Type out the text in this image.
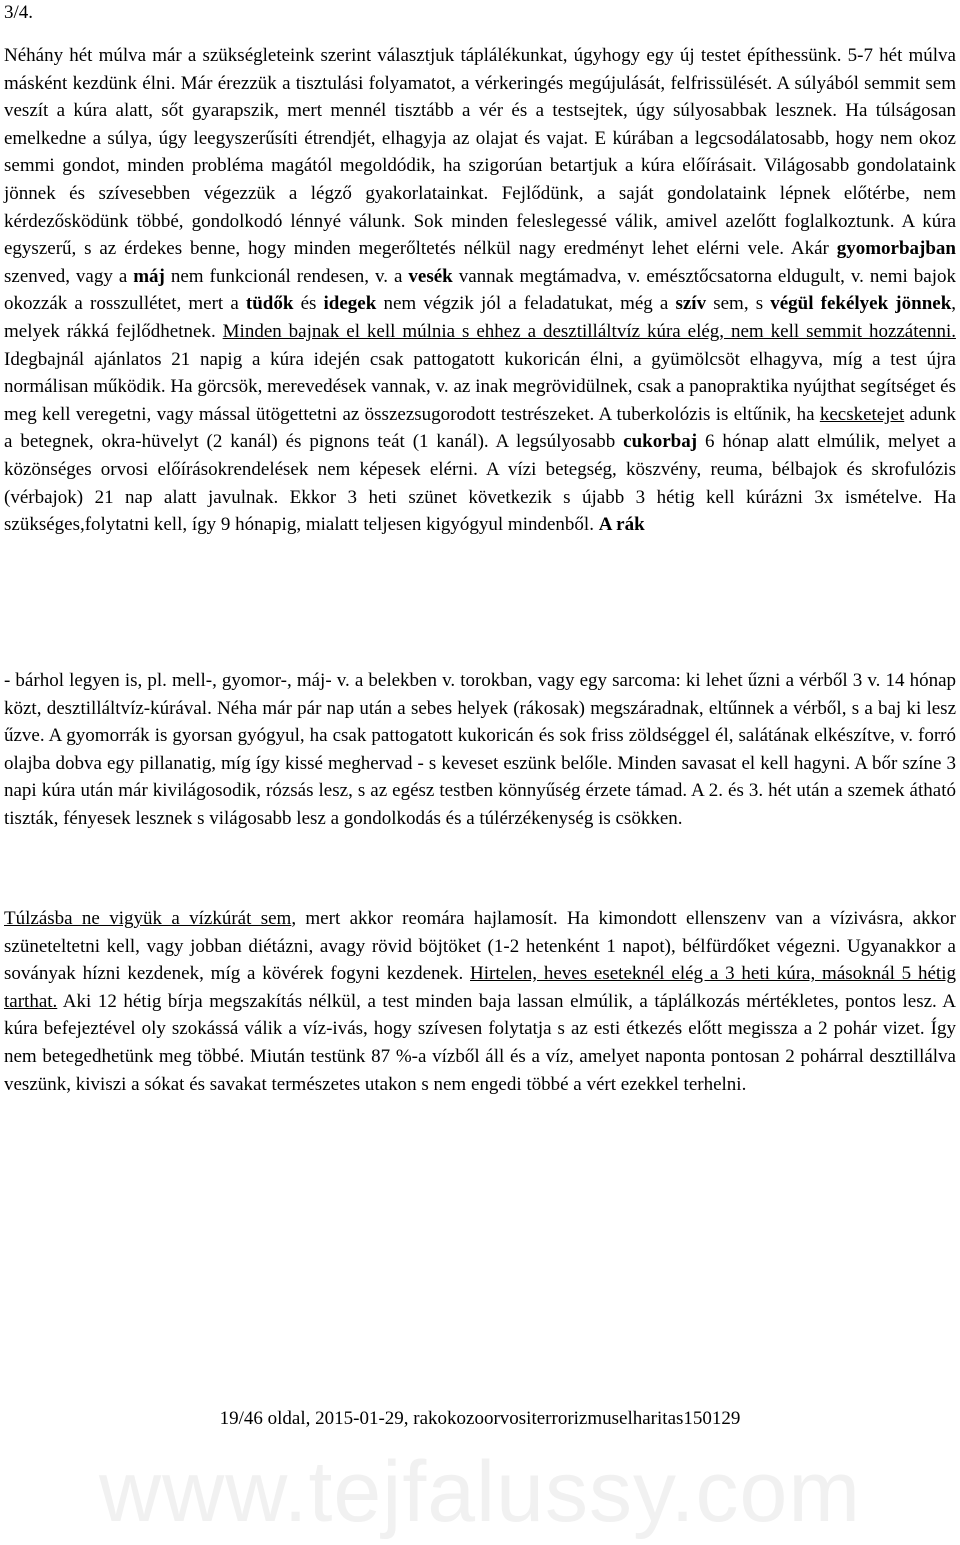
3/4.

Néhány hét múlva már a szükségleteink szerint választjuk táplálékunkat, úgyhogy egy új testet építhessünk. 5-7 hét múlva másként kezdünk élni. Már érezzük a tisztulási folyamatot, a vérkeringés megújulását, felfrissülését. A súlyából semmit sem veszít a kúra alatt, sőt gyarapszik, mert mennél tisztább a vér és a testsejtek, úgy súlyosabbak lesznek. Ha túlságosan emelkedne a súlya, úgy leegyszerűsíti étrendjét, elhagyja az olajat és vajat. E kúrában a legcsodálatosabb, hogy nem okoz semmi gondot, minden probléma magától megoldódik, ha szigorúan betartjuk a kúra előírásait. Világosabb gondolataink jönnek és szívesebben végezzük a légző gyakorlatainkat. Fejlődünk, a saját gondolataink lépnek előtérbe, nem kérdezősködünk többé, gondolkodó lénnyé válunk. Sok minden feleslegessé válik, amivel azelőtt foglalkoztunk. A kúra egyszerű, s az érdekes benne, hogy minden megerőltetés nélkül nagy eredményt lehet elérni vele. Akár gyomorbajban szenved, vagy a máj nem funkcionál rendesen, v. a vesék vannak megtámadva, v. emésztőcsatorna eldugult, v. nemi bajok okozzák a rosszullétet, mert a tüdők és idegek nem végzik jól a feladatukat, még a szív sem, s végül fekélyek jönnek, melyek rákká fejlődhetnek. Minden bajnak el kell múlnia s ehhez a desztilláltvíz kúra elég, nem kell semmit hozzátenni. Idegbajnál ajánlatos 21 napig a kúra idején csak pattogatott kukoricán élni, a gyümölcsöt elhagyva, míg a test újra normálisan működik. Ha görcsök, merevedések vannak, v. az inak megrövidülnek, csak a panopraktika nyújthat segítséget és meg kell veregetni, vagy mással ütögettetni az összezsugorodott testrészeket. A tuberkolózis is eltűnik, ha kecsketejet adunk a betegnek, okra-hüvelyt (2 kanál) és pignons teát (1 kanál). A legsúlyosabb cukorbaj 6 hónap alatt elmúlik, melyet a közönséges orvosi előírásokrendelések nem képesek elérni. A vízi betegség, köszvény, reuma, bélbajok és skrofulózis (vérbajok) 21 nap alatt javulnak. Ekkor 3 heti szünet következik s újabb 3 hétig kell kúrázni 3x ismételve. Ha szükséges,folytatni kell, így 9 hónapig, mialatt teljesen kigyógyul mindenből. A rák

- bárhol legyen is, pl. mell-, gyomor-, máj- v. a belekben v. torokban, vagy egy sarcoma: ki lehet űzni a vérből 3 v. 14 hónap közt, desztilláltvíz-kúrával. Néha már pár nap után a sebes helyek (rákosak) megszáradnak, eltűnnek a vérből, s a baj ki lesz űzve. A gyomorrák is gyorsan gyógyul, ha csak pattogatott kukoricán és sok friss zöldséggel él, salátának elkészítve, v. forró olajba dobva egy pillanatig, míg így kissé meghervad - s keveset eszünk belőle. Minden savasat el kell hagyni. A bőr színe 3 napi kúra után már kivilágosodik, rózsás lesz, s az egész testben könnyűség érzete támad. A 2. és 3. hét után a szemek átható tiszták, fényesek lesznek s világosabb lesz a gondolkodás és a túlérzékenység is csökken.

Túlzásba ne vigyük a vízkúrát sem, mert akkor reomára hajlamosít. Ha kimondott ellenszenv van a vízivásra, akkor szüneteltetni kell, vagy jobban diétázni, avagy rövid böjtöket (1-2 hetenként 1 napot), bélfürdőket végezni. Ugyanakkor a soványak hízni kezdenek, míg a kövérek fogyni kezdenek. Hirtelen, heves eseteknél elég a 3 heti kúra, másoknál 5 hétig tarthat. Aki 12 hétig bírja megszakítás nélkül, a test minden baja lassan elmúlik, a táplálkozás mértékletes, pontos lesz. A kúra befejeztével oly szokássá válik a víz-ivás, hogy szívesen folytatja s az esti étkezés előtt megissza a 2 pohár vizet. Így nem betegedhetünk meg többé. Miután testünk 87 %-a vízből áll és a víz, amelyet naponta pontosan 2 pohárral desztillálva veszünk, kiviszi a sókat és savakat természetes utakon s nem engedi többé a vért ezekkel terhelni.

19/46 oldal, 2015-01-29, rakokozoorvositerrorizmuselharitas150129
www.tejfalussy.com
